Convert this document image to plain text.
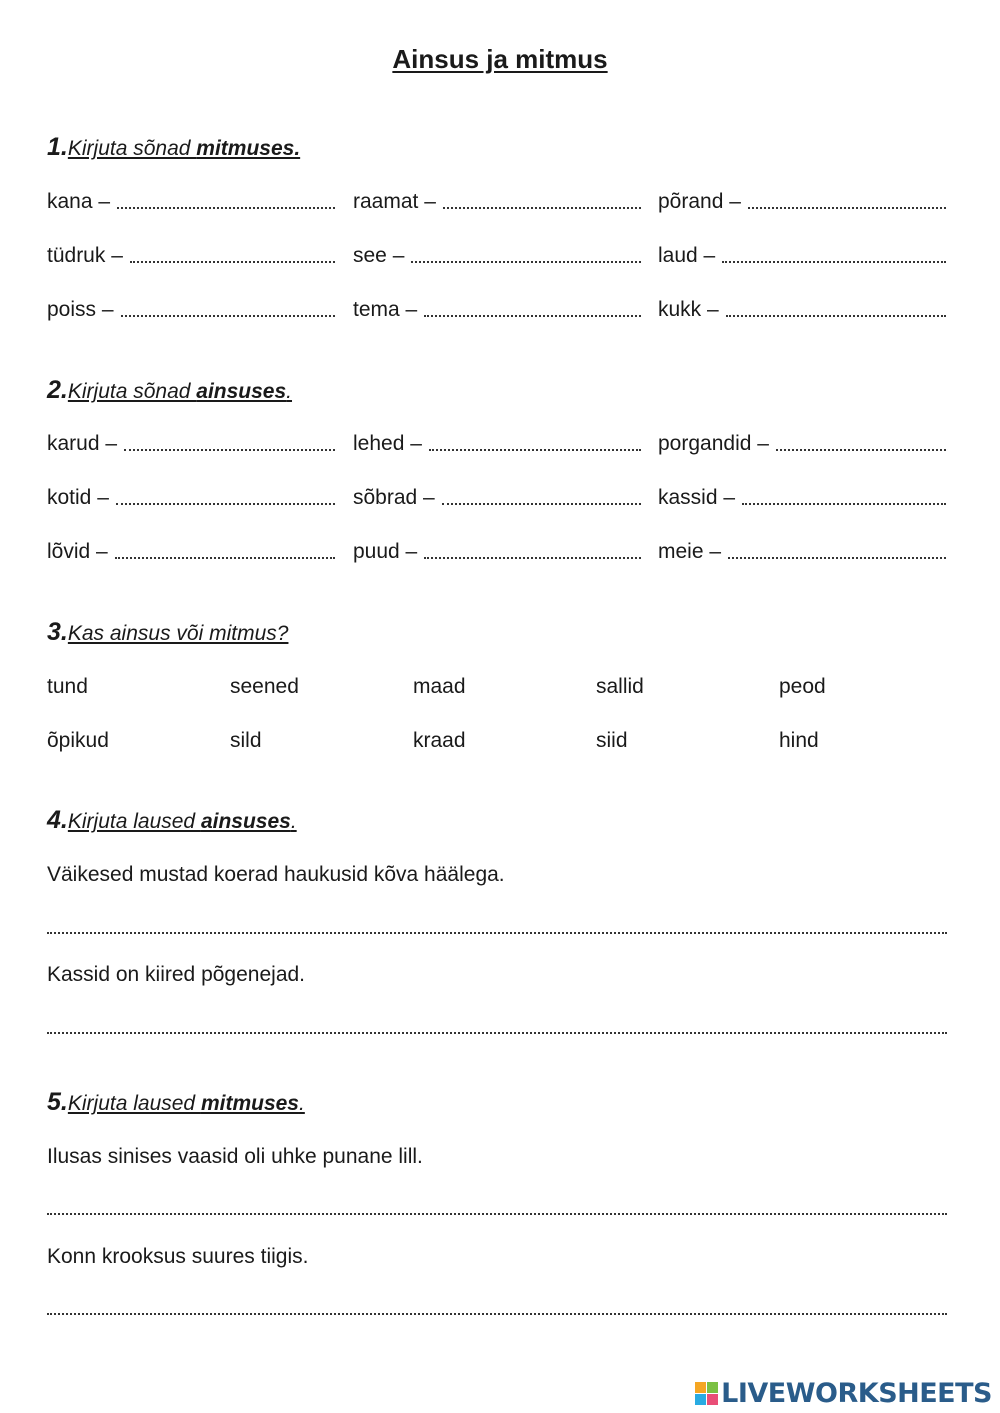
Ainsus ja mitmus
1.Kirjuta sõnad mitmuses.
kana –	raamat –	põrand –
tüdruk –	see –	laud –
poiss –	tema –	kukk –
2.Kirjuta sõnad ainsuses.
karud –	lehed –	porgandid –
kotid –	sõbrad –	kassid –
lõvid –	puud –	meie –
3.Kas ainsus või mitmus?
tund	seened	maad	sallid	peod
õpikud	sild	kraad	siid	hind
4.Kirjuta laused ainsuses.
Väikesed mustad koerad haukusid kõva häälega.
Kassid on kiired põgenejad.
5.Kirjuta laused mitmuses.
Ilusas sinises vaasid oli uhke punane lill.
Konn krooksus suures tiigis.
LIVEWORKSHEETS
